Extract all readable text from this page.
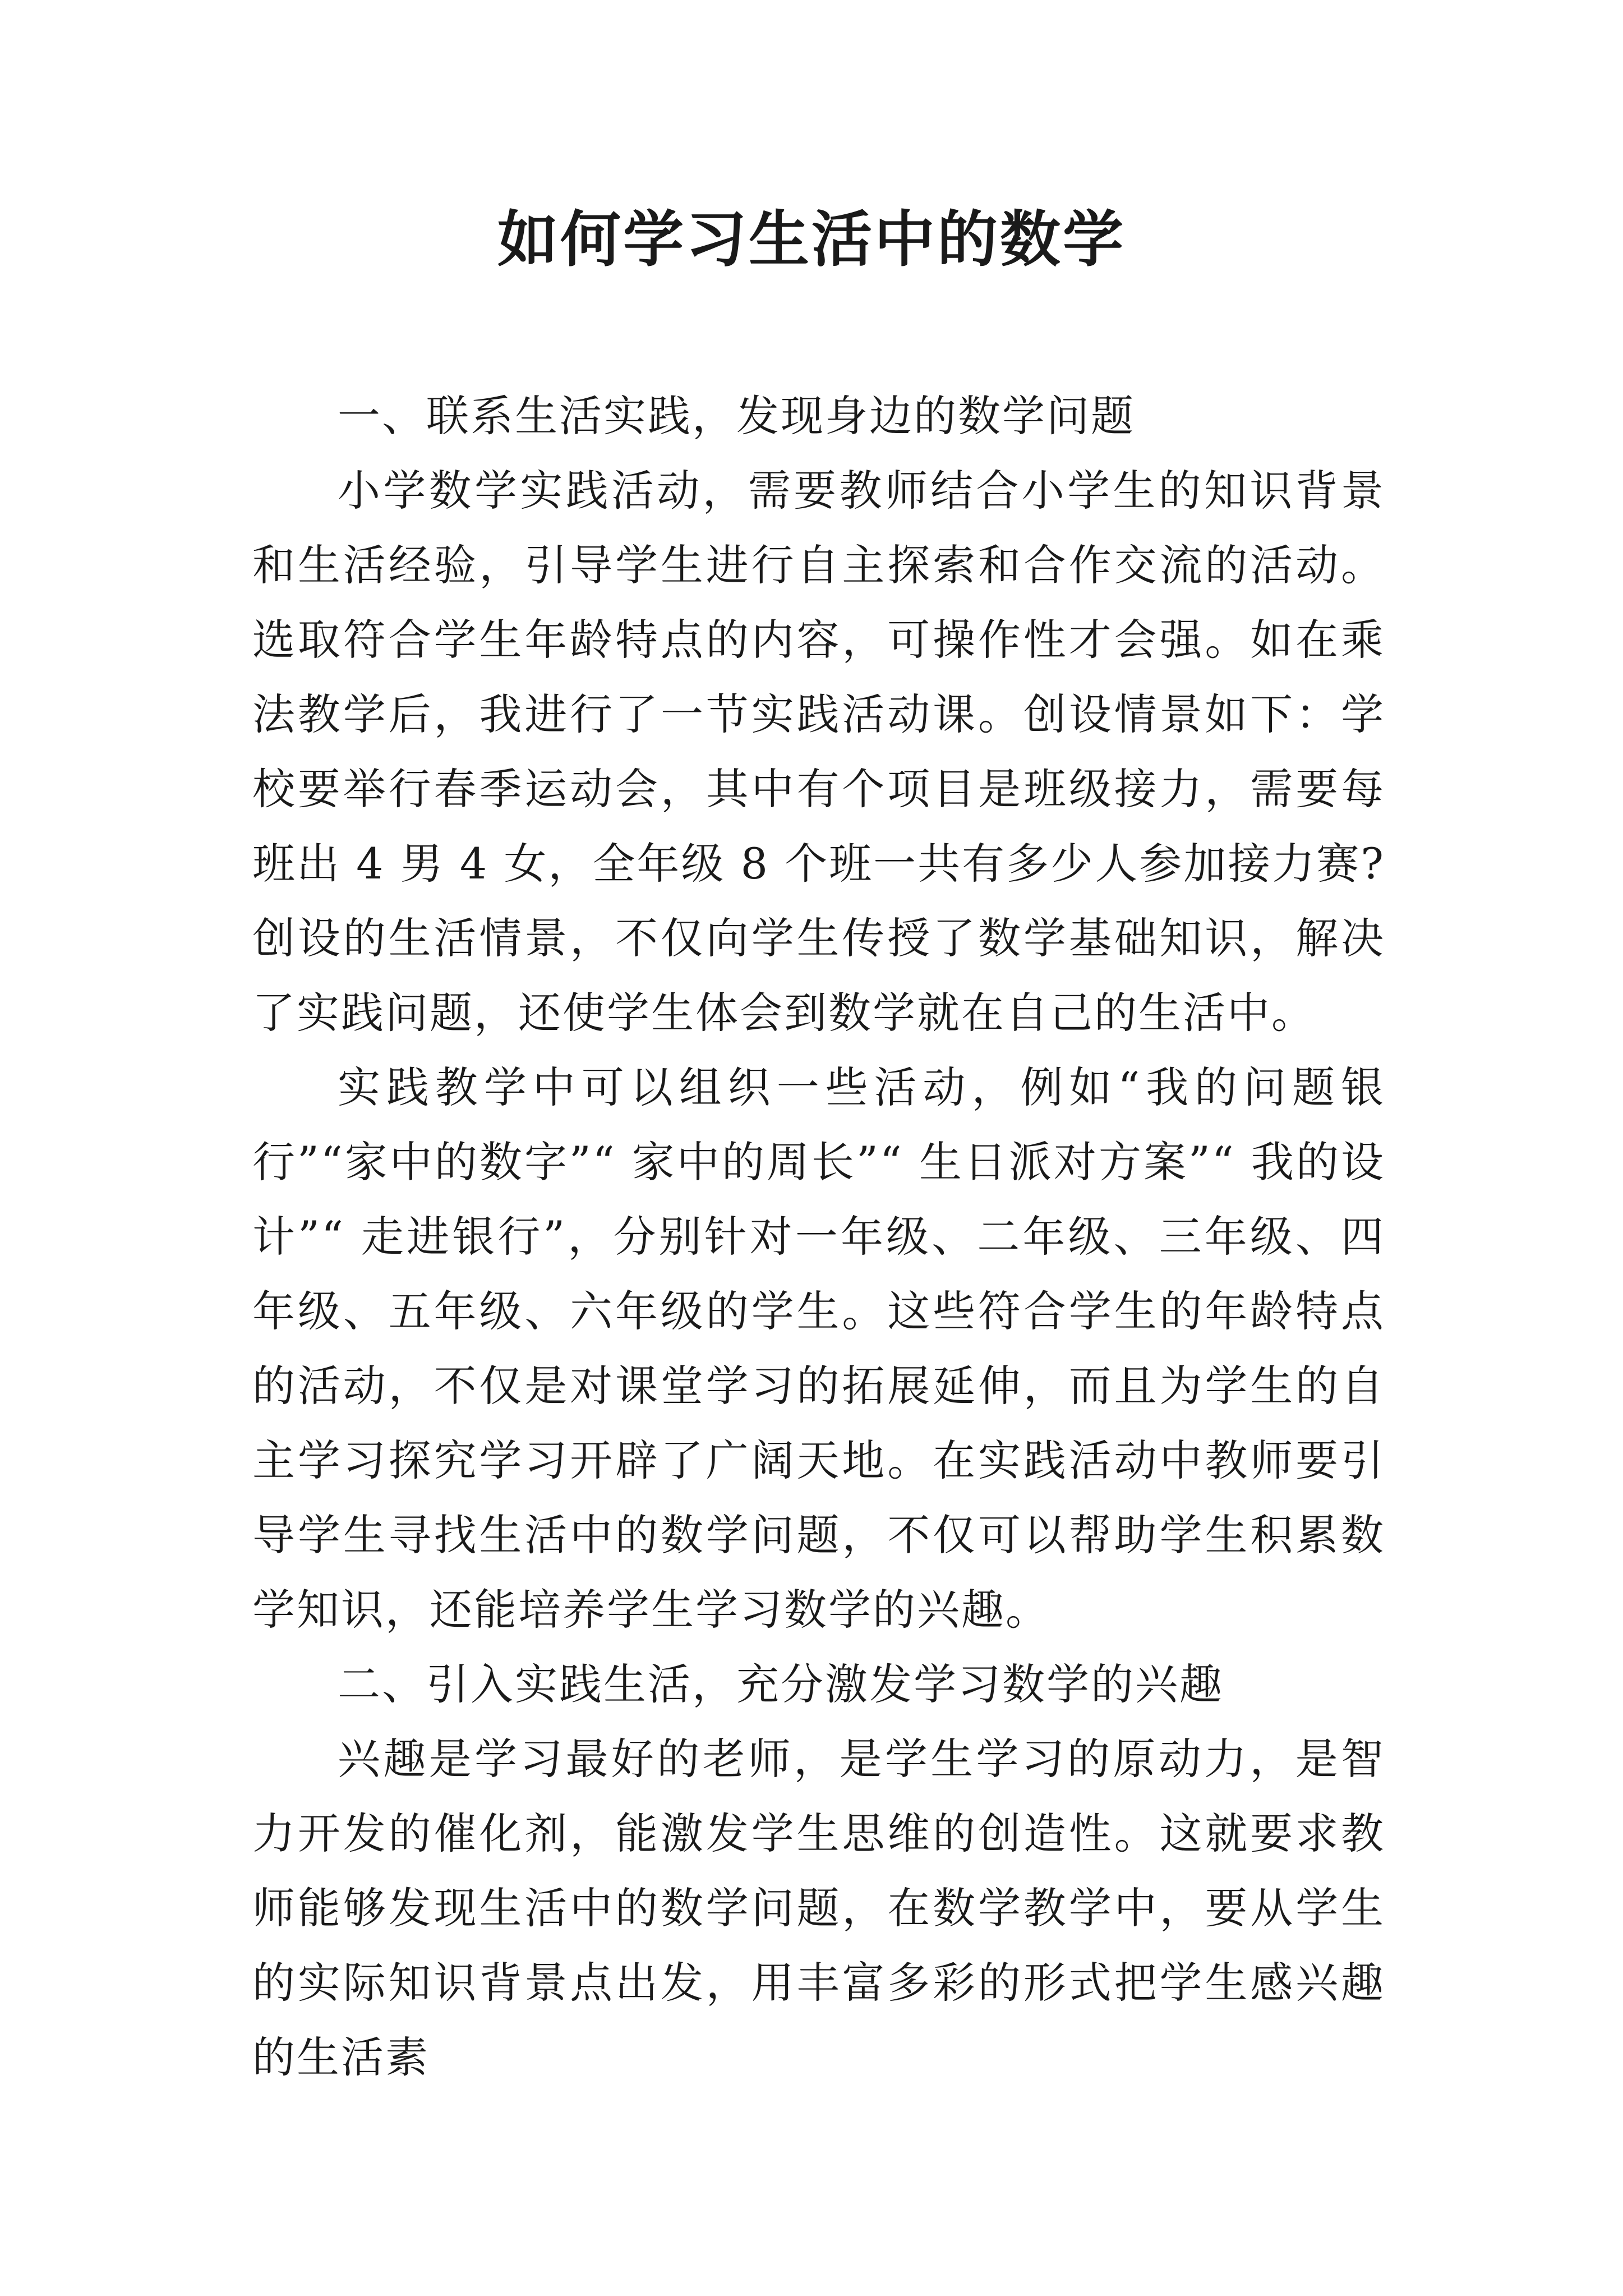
如何学习生活中的数学

一、联系生活实践，发现身边的数学问题

小学数学实践活动，需要教师结合小学生的知识背景和生活经验，引导学生进行自主探索和合作交流的活动。选取符合学生年龄特点的内容，可操作性才会强。如在乘法教学后，我进行了一节实践活动课。创设情景如下：学校要举行春季运动会，其中有个项目是班级接力，需要每班出 4 男 4 女，全年级 8 个班一共有多少人参加接力赛? 创设的生活情景，不仅向学生传授了数学基础知识，解决了实践问题，还使学生体会到数学就在自己的生活中。

实践教学中可以组织一些活动，例如“我的问题银行”“家中的数字”“ 家中的周长”“ 生日派对方案”“ 我的设计”“ 走进银行”，分别针对一年级、二年级、三年级、四年级、五年级、六年级的学生。这些符合学生的年龄特点的活动，不仅是对课堂学习的拓展延伸，而且为学生的自主学习探究学习开辟了广阔天地。在实践活动中教师要引导学生寻找生活中的数学问题，不仅可以帮助学生积累数学知识，还能培养学生学习数学的兴趣。

二、引入实践生活，充分激发学习数学的兴趣

兴趣是学习最好的老师，是学生学习的原动力，是智力开发的催化剂，能激发学生思维的创造性。这就要求教师能够发现生活中的数学问题，在数学教学中，要从学生的实际知识背景点出发，用丰富多彩的形式把学生感兴趣的生活素
